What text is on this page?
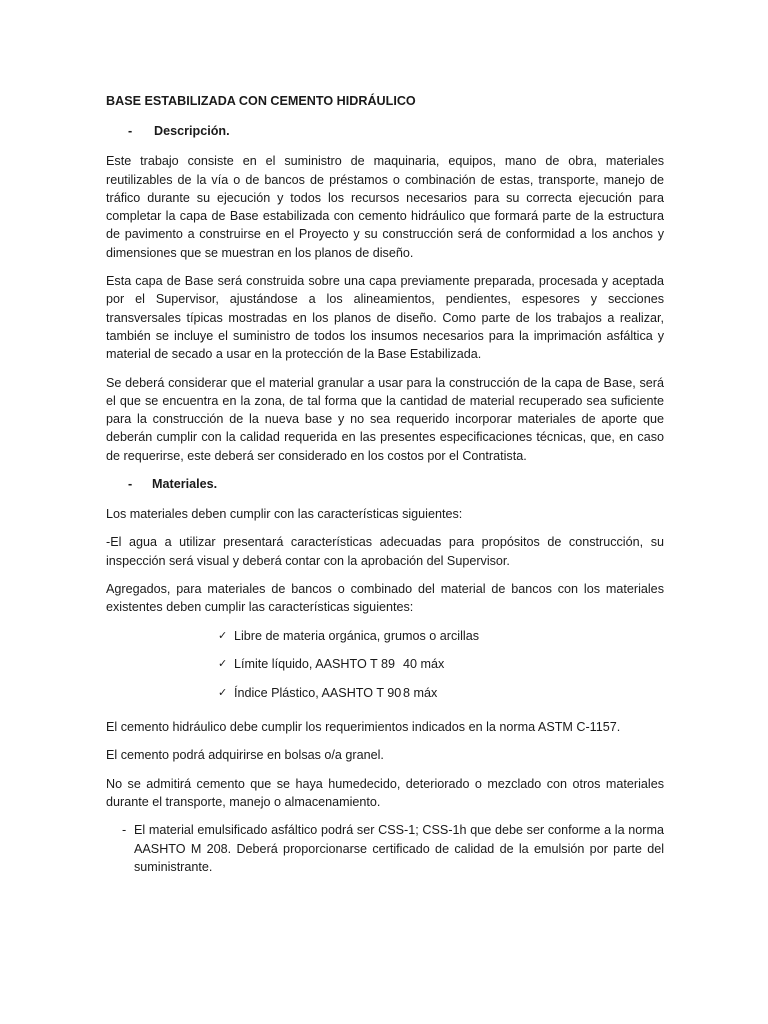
BASE ESTABILIZADA CON CEMENTO HIDRÁULICO
- Descripción.

Este trabajo consiste en el suministro de maquinaria, equipos, mano de obra, materiales reutilizables de la vía o de bancos de préstamos o combinación de estas, transporte, manejo de tráfico durante su ejecución y todos los recursos necesarios para su correcta ejecución para completar la capa de Base estabilizada con cemento hidráulico que formará parte de la estructura de pavimento a construirse en el Proyecto y su construcción será de conformidad a los anchos y dimensiones que se muestran en los planos de diseño.

Esta capa de Base será construida sobre una capa previamente preparada, procesada y aceptada por el Supervisor, ajustándose a los alineamientos, pendientes, espesores y secciones transversales típicas mostradas en los planos de diseño. Como parte de los trabajos a realizar, también se incluye el suministro de todos los insumos necesarios para la imprimación asfáltica y material de secado a usar en la protección de la Base Estabilizada.

Se deberá considerar que el material granular a usar para la construcción de la capa de Base, será el que se encuentra en la zona, de tal forma que la cantidad de material recuperado sea suficiente para la construcción de la nueva base y no sea requerido incorporar materiales de aporte que deberán cumplir con la calidad requerida en las presentes especificaciones técnicas, que, en caso de requerirse, este deberá ser considerado en los costos por el Contratista.

- Materiales.

Los materiales deben cumplir con las características siguientes:

-El agua a utilizar presentará características adecuadas para propósitos de construcción, su inspección será visual y deberá contar con la aprobación del Supervisor.

Agregados, para materiales de bancos o combinado del material de bancos con los materiales existentes deben cumplir las características siguientes:

✓ Libre de materia orgánica, grumos o arcillas
✓ Límite líquido, AASHTO T 89 40 máx
✓ Índice Plástico, AASHTO T 90 8 máx

El cemento hidráulico debe cumplir los requerimientos indicados en la norma ASTM C-1157.

El cemento podrá adquirirse en bolsas o/a granel.

No se admitirá cemento que se haya humedecido, deteriorado o mezclado con otros materiales durante el transporte, manejo o almacenamiento.

- El material emulsificado asfáltico podrá ser CSS-1; CSS-1h que debe ser conforme a la norma AASHTO M 208. Deberá proporcionarse certificado de calidad de la emulsión por parte del suministrante.
